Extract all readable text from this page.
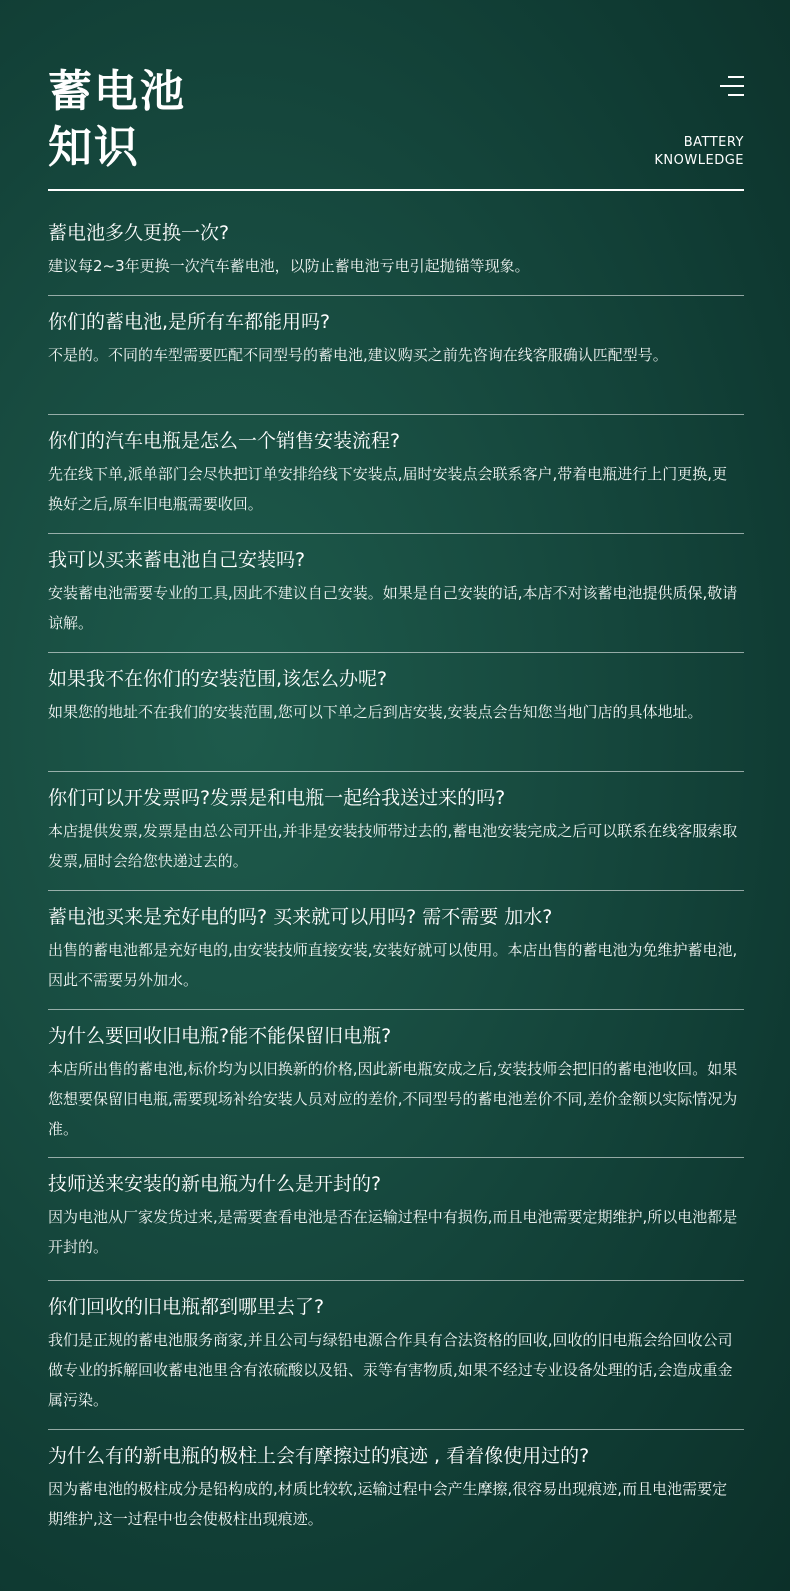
蓄电池
知识	BATTERY
KNOWLEDGE
蓄电池多久更换一次?
建议每2~3年更换一次汽车蓄电池，以防止蓄电池亏电引起抛锚等现象。
你们的蓄电池,是所有车都能用吗?
不是的。不同的车型需要匹配不同型号的蓄电池,建议购买之前先咨询在线客服确认匹配型号。
你们的汽车电瓶是怎么一个销售安装流程?
先在线下单,派单部门会尽快把订单安排给线下安装点,届时安装点会联系客户,带着电瓶进行上门更换,更换好之后,原车旧电瓶需要收回。
我可以买来蓄电池自己安装吗?
安装蓄电池需要专业的工具,因此不建议自己安装。如果是自己安装的话,本店不对该蓄电池提供质保,敬请谅解。
如果我不在你们的安装范围,该怎么办呢?
如果您的地址不在我们的安装范围,您可以下单之后到店安装,安装点会告知您当地门店的具体地址。
你们可以开发票吗?发票是和电瓶一起给我送过来的吗?
本店提供发票,发票是由总公司开出,并非是安装技师带过去的,蓄电池安装完成之后可以联系在线客服索取发票,届时会给您快递过去的。
蓄电池买来是充好电的吗? 买来就可以用吗? 需不需要 加水?
出售的蓄电池都是充好电的,由安装技师直接安装,安装好就可以使用。本店出售的蓄电池为免维护蓄电池,因此不需要另外加水。
为什么要回收旧电瓶?能不能保留旧电瓶?
本店所出售的蓄电池,标价均为以旧换新的价格,因此新电瓶安成之后,安装技师会把旧的蓄电池收回。如果您想要保留旧电瓶,需要现场补给安装人员对应的差价,不同型号的蓄电池差价不同,差价金额以实际情况为准。
技师送来安装的新电瓶为什么是开封的?
因为电池从厂家发货过来,是需要查看电池是否在运输过程中有损伤,而且电池需要定期维护,所以电池都是开封的。
你们回收的旧电瓶都到哪里去了?
我们是正规的蓄电池服务商家,并且公司与绿铅电源合作具有合法资格的回收,回收的旧电瓶会给回收公司做专业的拆解回收蓄电池里含有浓硫酸以及铅、汞等有害物质,如果不经过专业设备处理的话,会造成重金属污染。
为什么有的新电瓶的极柱上会有摩擦过的痕迹 , 看着像使用过的?
因为蓄电池的极柱成分是铅构成的,材质比较软,运输过程中会产生摩擦,很容易出现痕迹,而且电池需要定期维护,这一过程中也会使极柱出现痕迹。
